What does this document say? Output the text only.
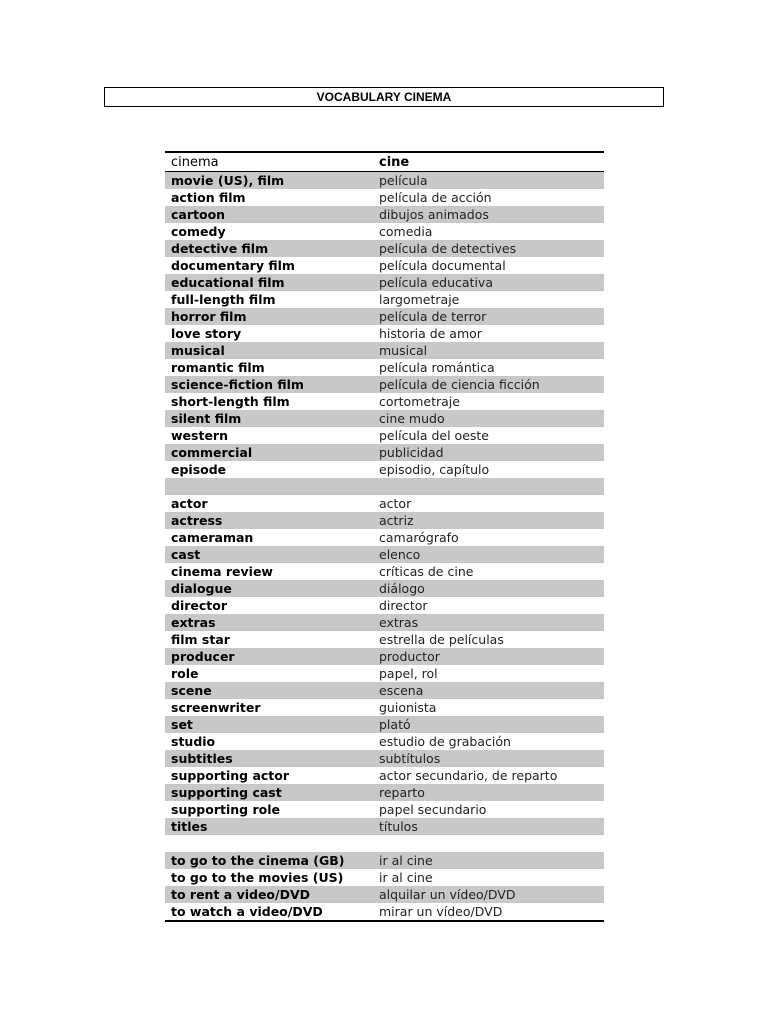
VOCABULARY CINEMA
cinema	cine
movie (US), film	película
action film	película de acción
cartoon	dibujos animados
comedy	comedia
detective film	película de detectives
documentary film	película documental
educational film	película educativa
full-length film	largometraje
horror film	película de terror
love story	historia de amor
musical	musical
romantic film	película romántica
science-fiction film	película de ciencia ficción
short-length film	cortometraje
silent film	cine mudo
western	película del oeste
commercial	publicidad
episode	episodio, capítulo
actor	actor
actress	actriz
cameraman	camarógrafo
cast	elenco
cinema review	críticas de cine
dialogue	diálogo
director	director
extras	extras
film star	estrella de películas
producer	productor
role	papel, rol
scene	escena
screenwriter	guionista
set	plató
studio	estudio de grabación
subtitles	subtítulos
supporting actor	actor secundario, de reparto
supporting cast	reparto
supporting role	papel secundario
titles	títulos
to go to the cinema (GB)	ir al cine
to go to the movies (US)	ir al cine
to rent a video/DVD	alquilar un vídeo/DVD
to watch a video/DVD	mirar un vídeo/DVD
